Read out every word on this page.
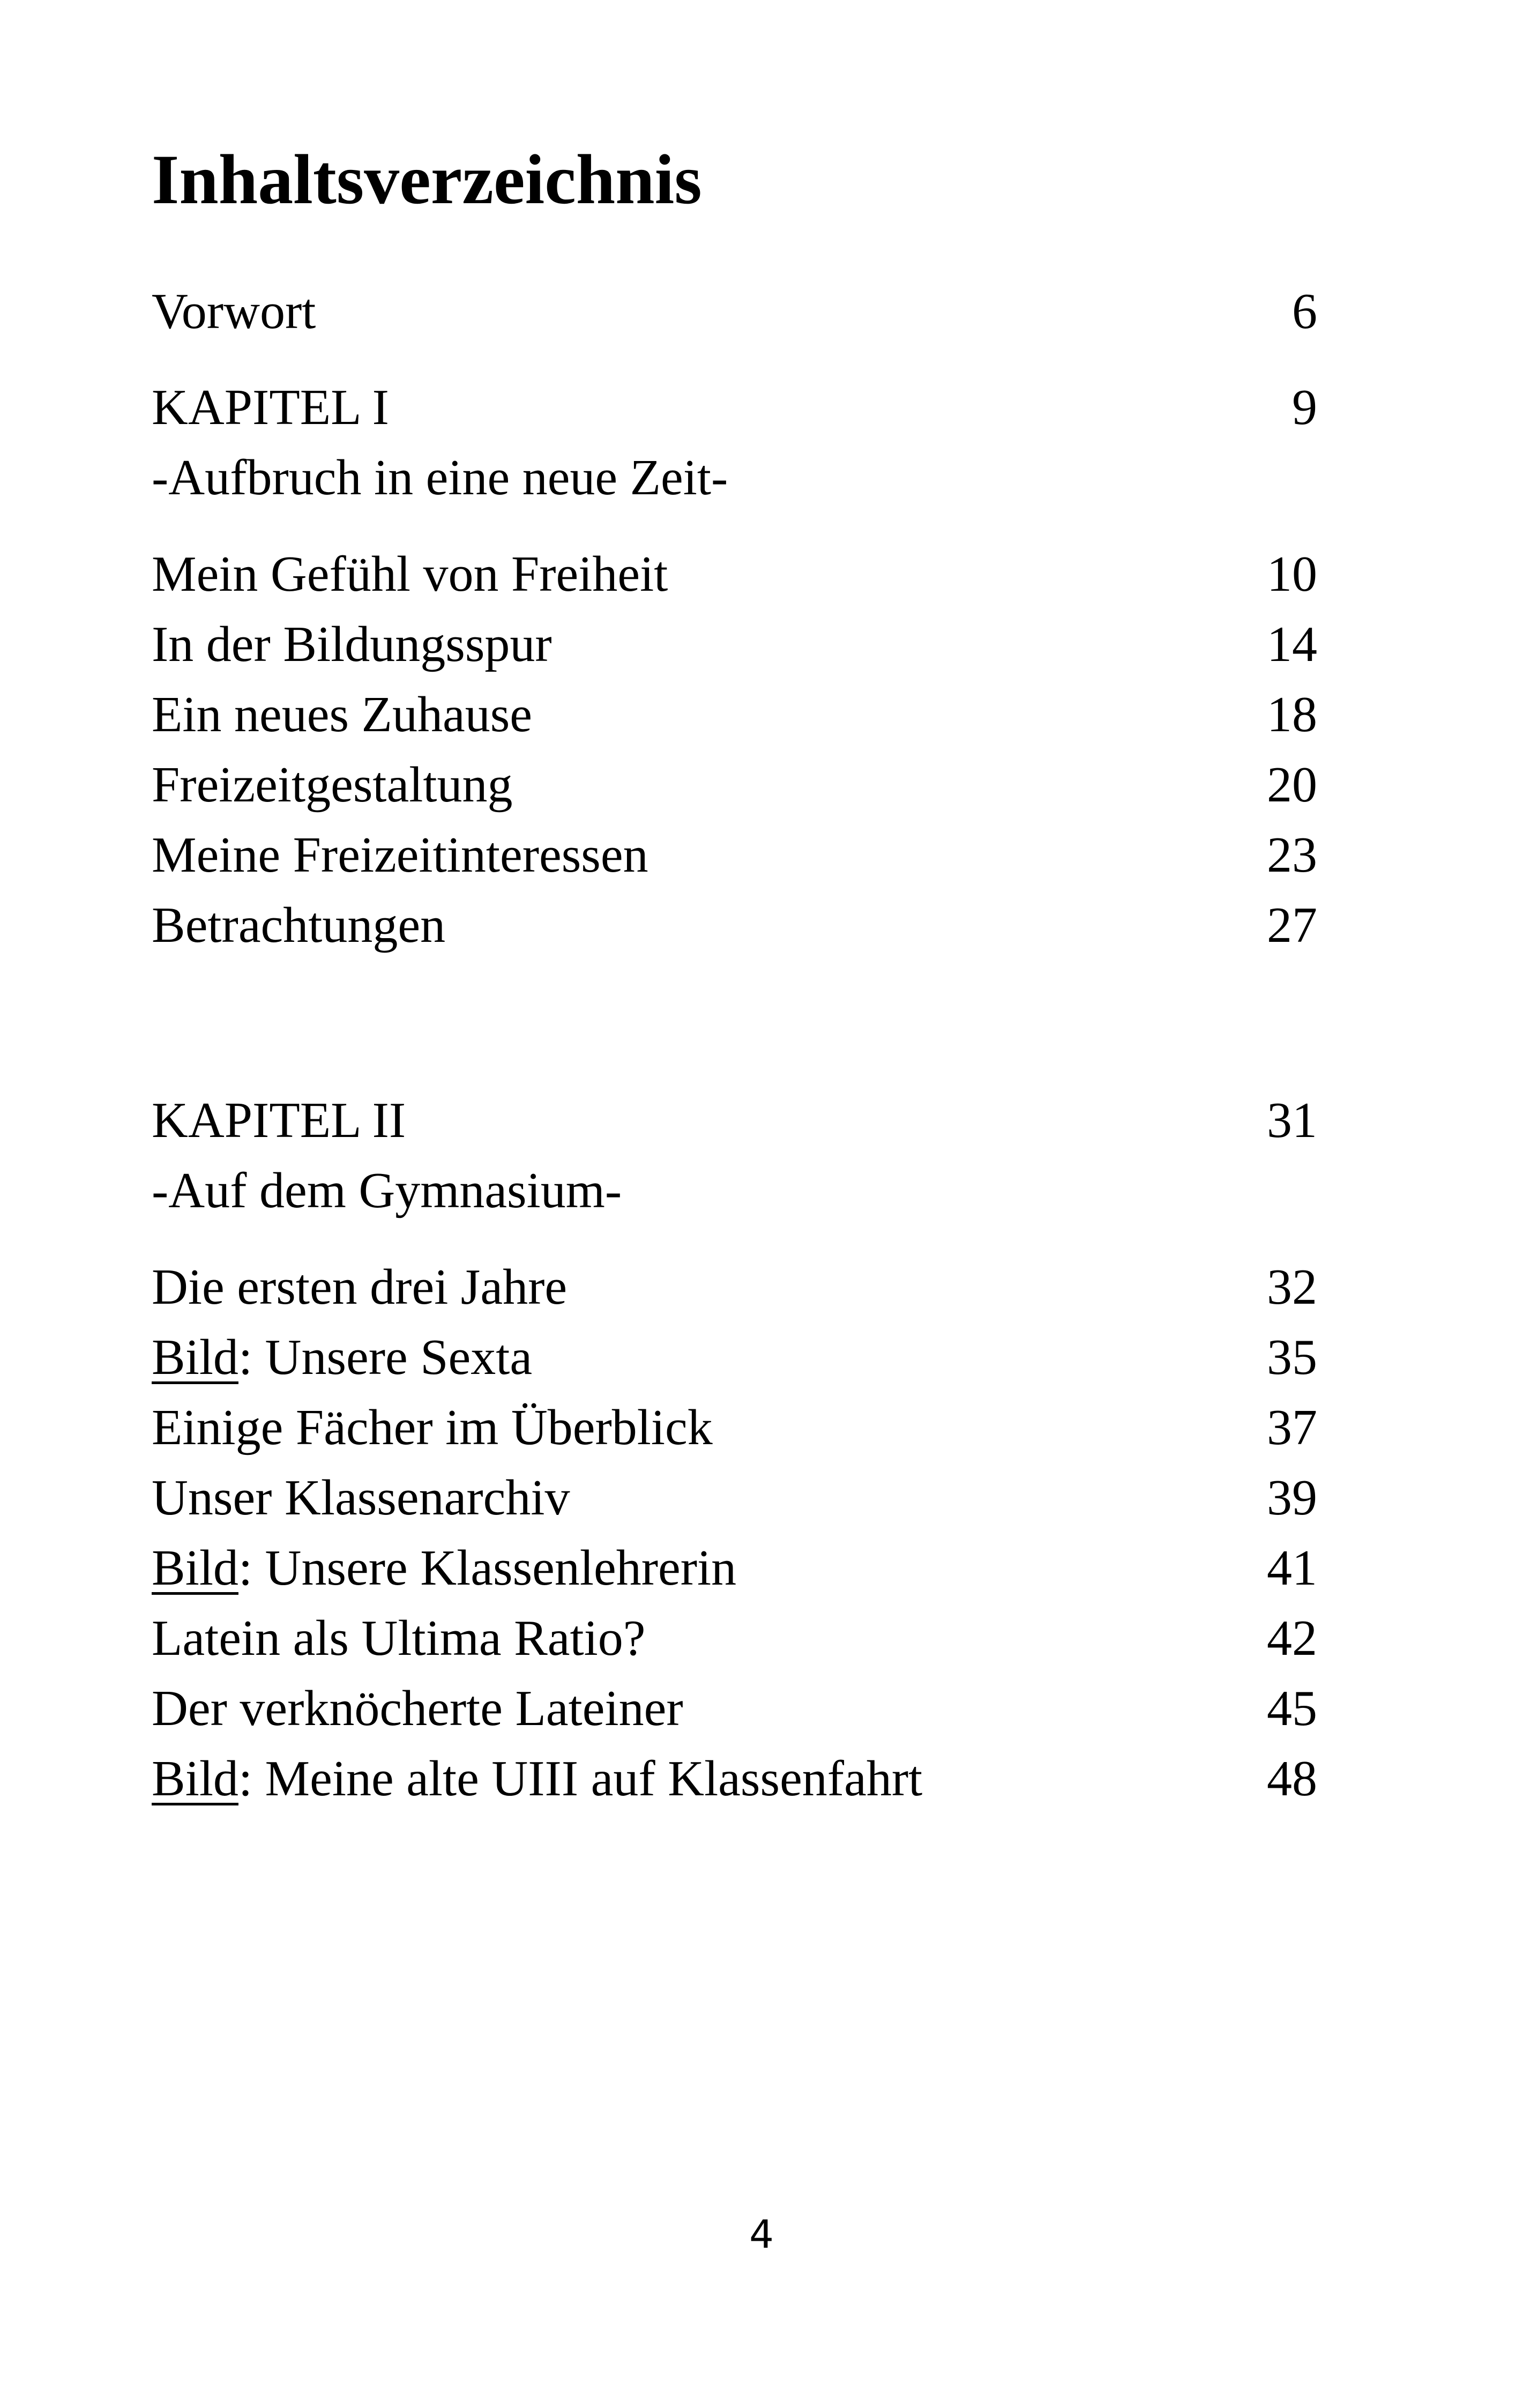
Inhaltsverzeichnis
Vorwort	6
KAPITEL I	9
-Aufbruch in eine neue Zeit-
Mein Gefühl von Freiheit	10
In der Bildungsspur	14
Ein neues Zuhause	18
Freizeitgestaltung	20
Meine Freizeitinteressen	23
Betrachtungen	27
KAPITEL II	31
-Auf dem Gymnasium-
Die ersten drei Jahre	32
Bild: Unsere Sexta	35
Einige Fächer im Überblick	37
Unser Klassenarchiv	39
Bild: Unsere Klassenlehrerin	41
Latein als Ultima Ratio?	42
Der verknöcherte Lateiner	45
Bild: Meine alte UIII auf Klassenfahrt	48
4
